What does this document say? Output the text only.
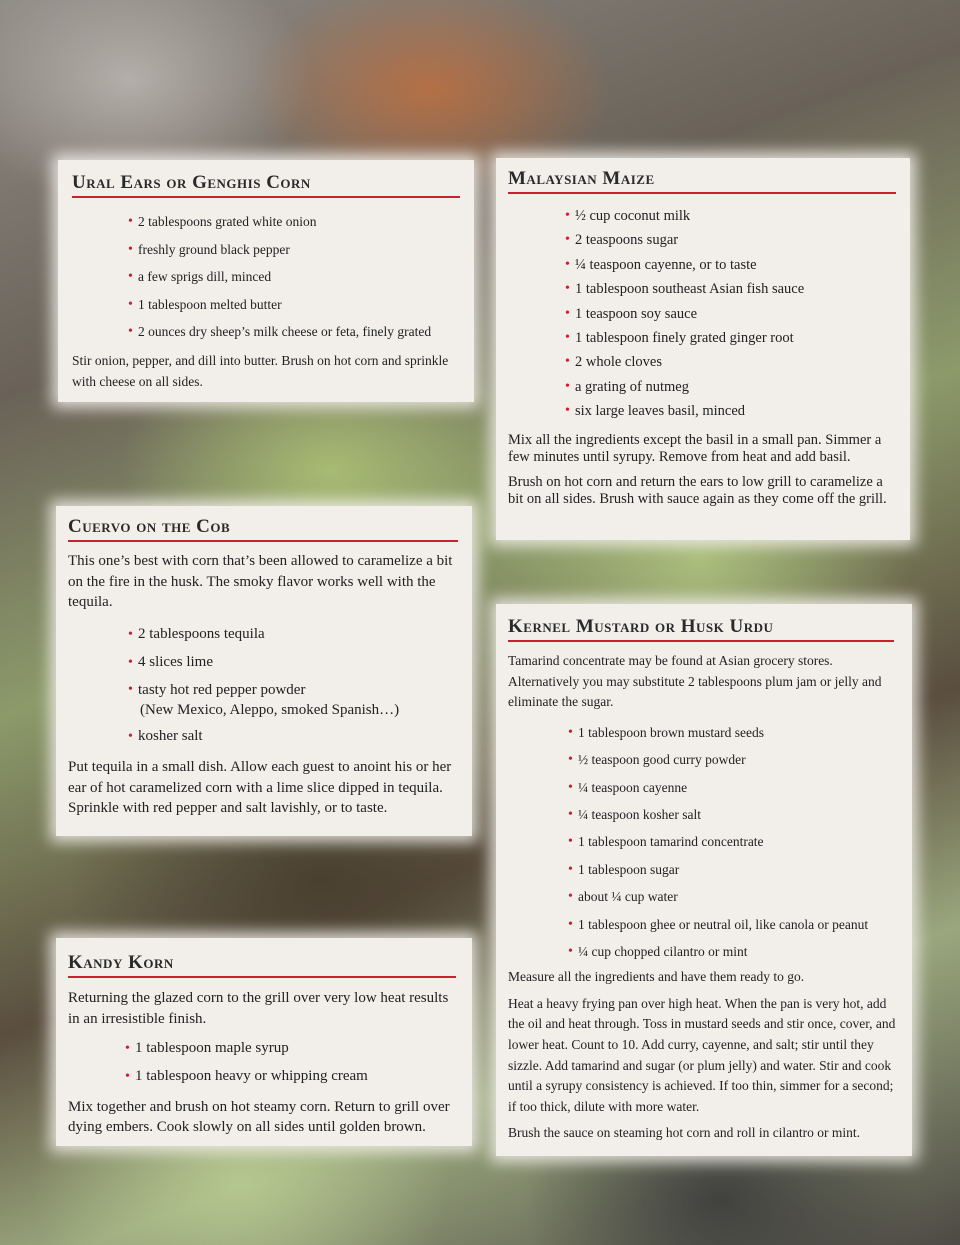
Ural Ears or Genghis Corn
• 2 tablespoons grated white onion
• freshly ground black pepper
• a few sprigs dill, minced
• 1 tablespoon melted butter
• 2 ounces dry sheep’s milk cheese or feta, finely grated

Stir onion, pepper, and dill into butter. Brush on hot corn and sprinkle with cheese on all sides.

Malaysian Maize
• ½ cup coconut milk
• 2 teaspoons sugar
• ¼ teaspoon cayenne, or to taste
• 1 tablespoon southeast Asian fish sauce
• 1 teaspoon soy sauce
• 1 tablespoon finely grated ginger root
• 2 whole cloves
• a grating of nutmeg
• six large leaves basil, minced

Mix all the ingredients except the basil in a small pan. Simmer a few minutes until syrupy. Remove from heat and add basil.

Brush on hot corn and return the ears to low grill to caramelize a bit on all sides. Brush with sauce again as they come off the grill.

Cuervo on the Cob

This one’s best with corn that’s been allowed to caramelize a bit on the fire in the husk. The smoky flavor works well with the tequila.

• 2 tablespoons tequila
• 4 slices lime
• tasty hot red pepper powder
(New Mexico, Aleppo, smoked Spanish…)
• kosher salt

Put tequila in a small dish. Allow each guest to anoint his or her ear of hot caramelized corn with a lime slice dipped in tequila. Sprinkle with red pepper and salt lavishly, or to taste.

Kandy Korn

Returning the glazed corn to the grill over very low heat results in an irresistible finish.

• 1 tablespoon maple syrup
• 1 tablespoon heavy or whipping cream

Mix together and brush on hot steamy corn. Return to grill over dying embers. Cook slowly on all sides until golden brown.

Kernel Mustard or Husk Urdu

Tamarind concentrate may be found at Asian grocery stores. Alternatively you may substitute 2 tablespoons plum jam or jelly and eliminate the sugar.

• 1 tablespoon brown mustard seeds
• ½ teaspoon good curry powder
• ¼ teaspoon cayenne
• ¼ teaspoon kosher salt
• 1 tablespoon tamarind concentrate
• 1 tablespoon sugar
• about ¼ cup water
• 1 tablespoon ghee or neutral oil, like canola or peanut
• ¼ cup chopped cilantro or mint

Measure all the ingredients and have them ready to go.

Heat a heavy frying pan over high heat. When the pan is very hot, add the oil and heat through. Toss in mustard seeds and stir once, cover, and lower heat. Count to 10. Add curry, cayenne, and salt; stir until they sizzle. Add tamarind and sugar (or plum jelly) and water. Stir and cook until a syrupy consistency is achieved. If too thin, simmer for a second; if too thick, dilute with more water.

Brush the sauce on steaming hot corn and roll in cilantro or mint.
